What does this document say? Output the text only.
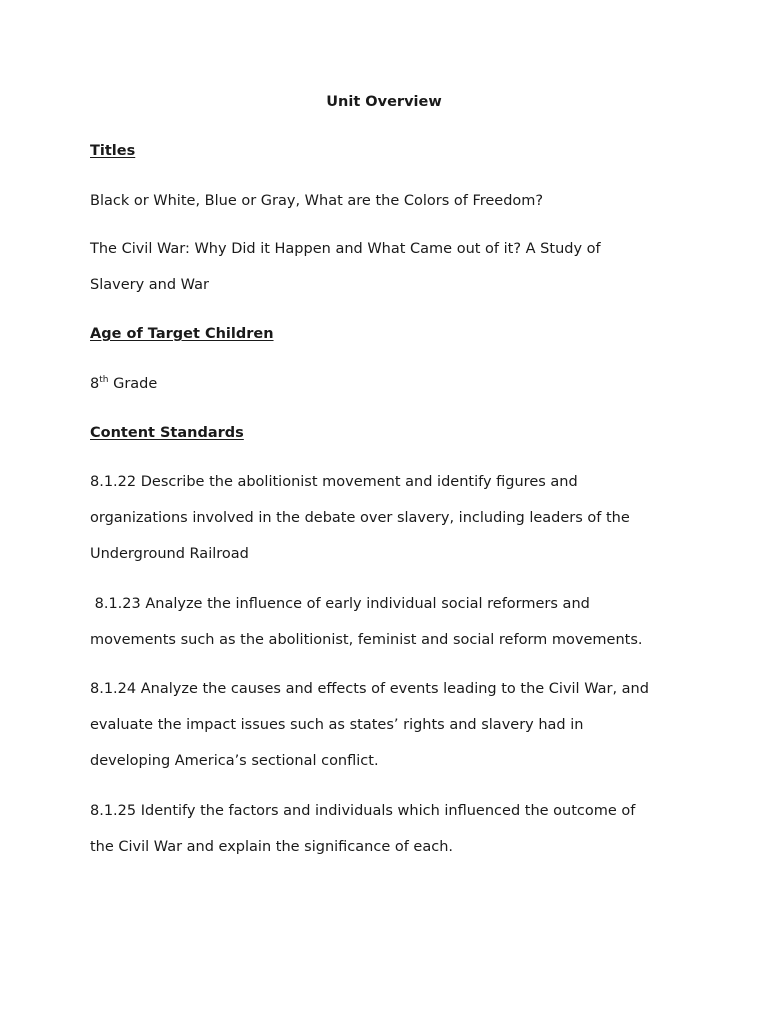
Unit Overview
Titles
Black or White, Blue or Gray, What are the Colors of Freedom?
The Civil War: Why Did it Happen and What Came out of it? A Study of
Slavery and War
Age of Target Children
8th Grade
Content Standards
8.1.22 Describe the abolitionist movement and identify figures and
organizations involved in the debate over slavery, including leaders of the
Underground Railroad
8.1.23 Analyze the influence of early individual social reformers and
movements such as the abolitionist, feminist and social reform movements.
8.1.24 Analyze the causes and effects of events leading to the Civil War, and
evaluate the impact issues such as states’ rights and slavery had in
developing America’s sectional conflict.
8.1.25 Identify the factors and individuals which influenced the outcome of
the Civil War and explain the significance of each.
